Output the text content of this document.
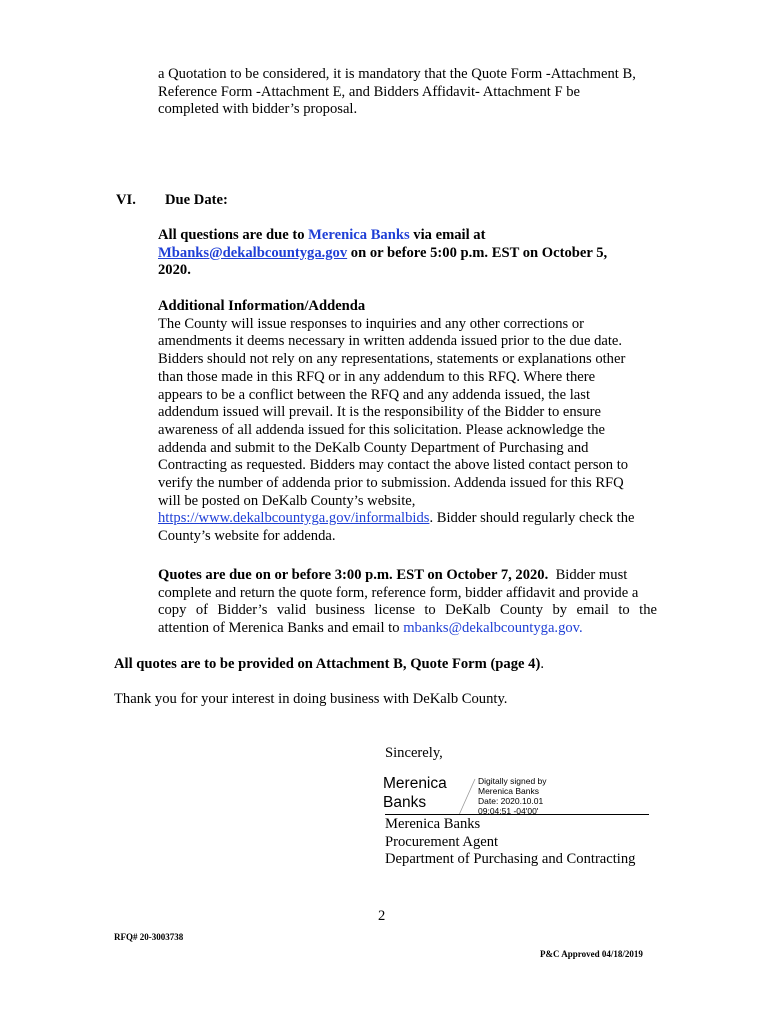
a Quotation to be considered, it is mandatory that the Quote Form -Attachment B,

Reference Form -Attachment E, and Bidders Affidavit- Attachment F be

completed with bidder’s proposal.

VI. Due Date:

All questions are due to Merenica Banks via email at

Mbanks@dekalbcountyga.gov on or before 5:00 p.m. EST on October 5,

2020.

Additional Information/Addenda

The County will issue responses to inquiries and any other corrections or

amendments it deems necessary in written addenda issued prior to the due date.

Bidders should not rely on any representations, statements or explanations other

than those made in this RFQ or in any addendum to this RFQ. Where there

appears to be a conflict between the RFQ and any addenda issued, the last

addendum issued will prevail. It is the responsibility of the Bidder to ensure

awareness of all addenda issued for this solicitation. Please acknowledge the

addenda and submit to the DeKalb County Department of Purchasing and

Contracting as requested. Bidders may contact the above listed contact person to

verify the number of addenda prior to submission. Addenda issued for this RFQ

will be posted on DeKalb County’s website,

https://www.dekalbcountyga.gov/informalbids. Bidder should regularly check the

County’s website for addenda.

Quotes are due on or before 3:00 p.m. EST on October 7, 2020.  Bidder must

complete and return the quote form, reference form, bidder affidavit and provide a

copy of Bidder’s valid business license to DeKalb County by email to the

attention of Merenica Banks and email to mbanks@dekalbcountyga.gov.

All quotes are to be provided on Attachment B, Quote Form (page 4).
Thank you for your interest in doing business with DeKalb County.
Sincerely,
Merenica
Banks
Digitally signed by
Merenica Banks
Date: 2020.10.01
09:04:51 -04'00'

Merenica Banks

Procurement Agent

Department of Purchasing and Contracting

2
RFQ# 20-3003738
P&C Approved 04/18/2019
